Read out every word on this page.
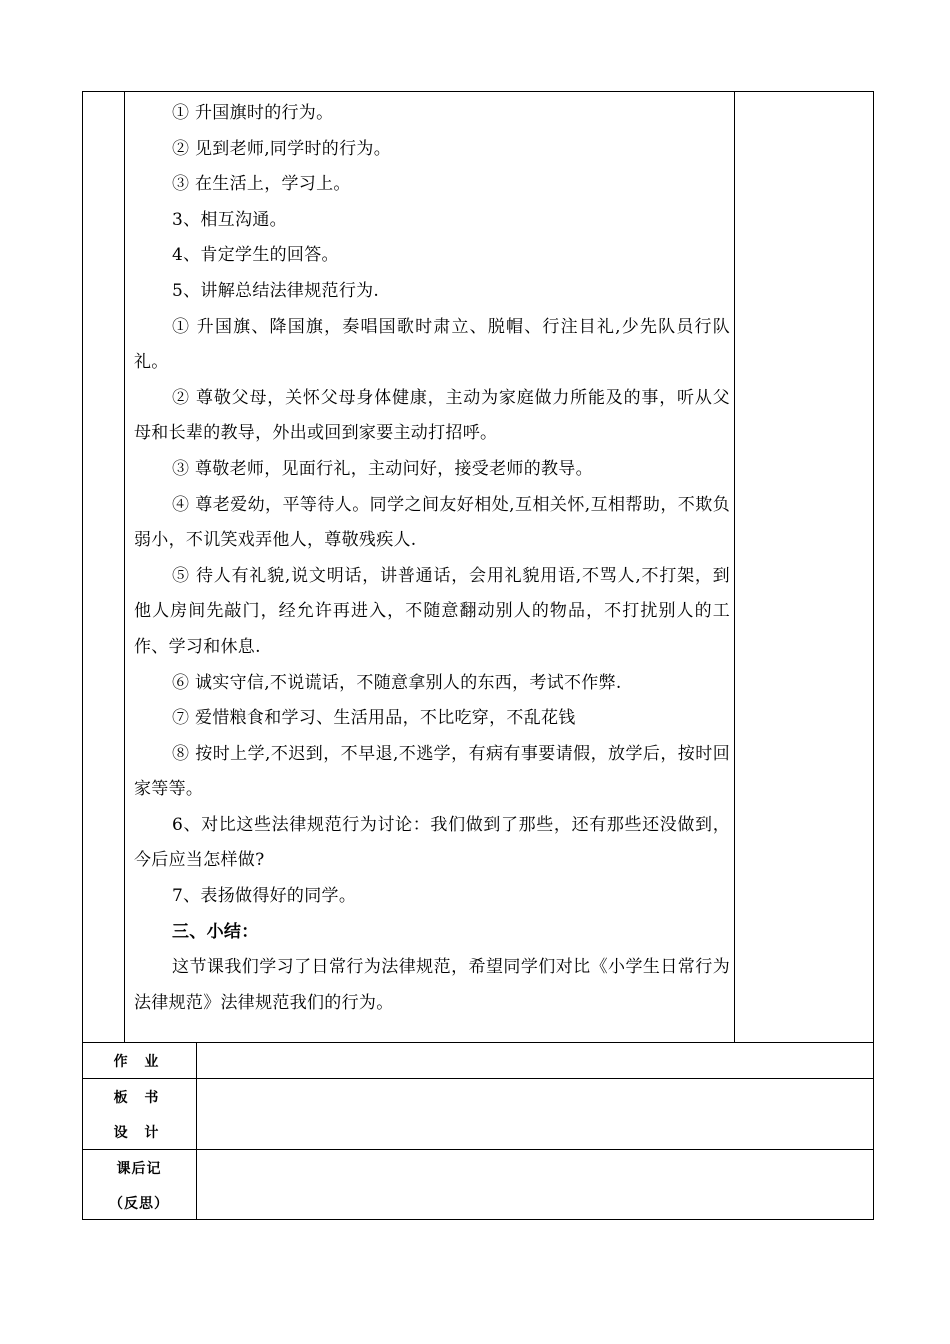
① 升国旗时的行为。

② 见到老师,同学时的行为。

③ 在生活上，学习上。

3、相互沟通。

4、肯定学生的回答。

5、讲解总结法律规范行为.

① 升国旗、降国旗，奏唱国歌时肃立、脱帽、行注目礼,少先队员行队礼。

② 尊敬父母，关怀父母身体健康，主动为家庭做力所能及的事，听从父母和长辈的教导，外出或回到家要主动打招呼。

③ 尊敬老师，见面行礼，主动问好，接受老师的教导。

④ 尊老爱幼，平等待人。同学之间友好相处,互相关怀,互相帮助，不欺负弱小，不讥笑戏弄他人，尊敬残疾人.

⑤ 待人有礼貌,说文明话，讲普通话，会用礼貌用语,不骂人,不打架，到他人房间先敲门，经允许再进入，不随意翻动别人的物品，不打扰别人的工作、学习和休息.

⑥ 诚实守信,不说谎话，不随意拿别人的东西，考试不作弊.

⑦ 爱惜粮食和学习、生活用品，不比吃穿，不乱花钱

⑧ 按时上学,不迟到，不早退,不逃学，有病有事要请假，放学后，按时回家等等。

6、对比这些法律规范行为讨论：我们做到了那些，还有那些还没做到，今后应当怎样做?

7、表扬做得好的同学。

三、小结：

这节课我们学习了日常行为法律规范，希望同学们对比《小学生日常行为法律规范》法律规范我们的行为。

作 业
板 书
设 计
课后记
（反思）
